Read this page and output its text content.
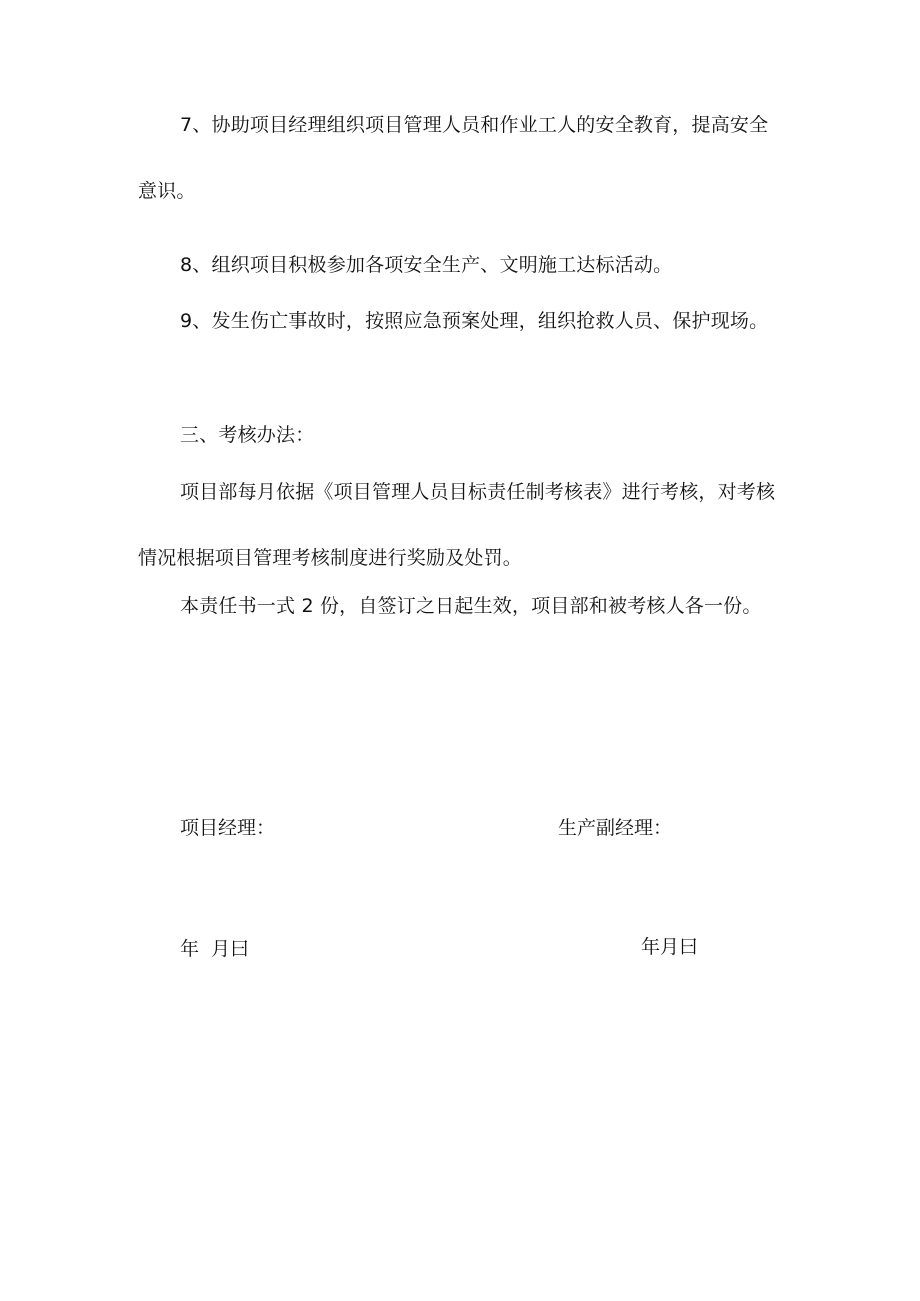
7、协助项目经理组织项目管理人员和作业工人的安全教育，提高安全意识。

8、组织项目积极参加各项安全生产、文明施工达标活动。

9、发生伤亡事故时，按照应急预案处理，组织抢救人员、保护现场。

三、考核办法：

项目部每月依据《项目管理人员目标责任制考核表》进行考核，对考核情况根据项目管理考核制度进行奖励及处罚。

本责任书一式 2 份，自签订之日起生效，项目部和被考核人各一份。

项目经理：	生产副经理：

年  月曰	年月曰
